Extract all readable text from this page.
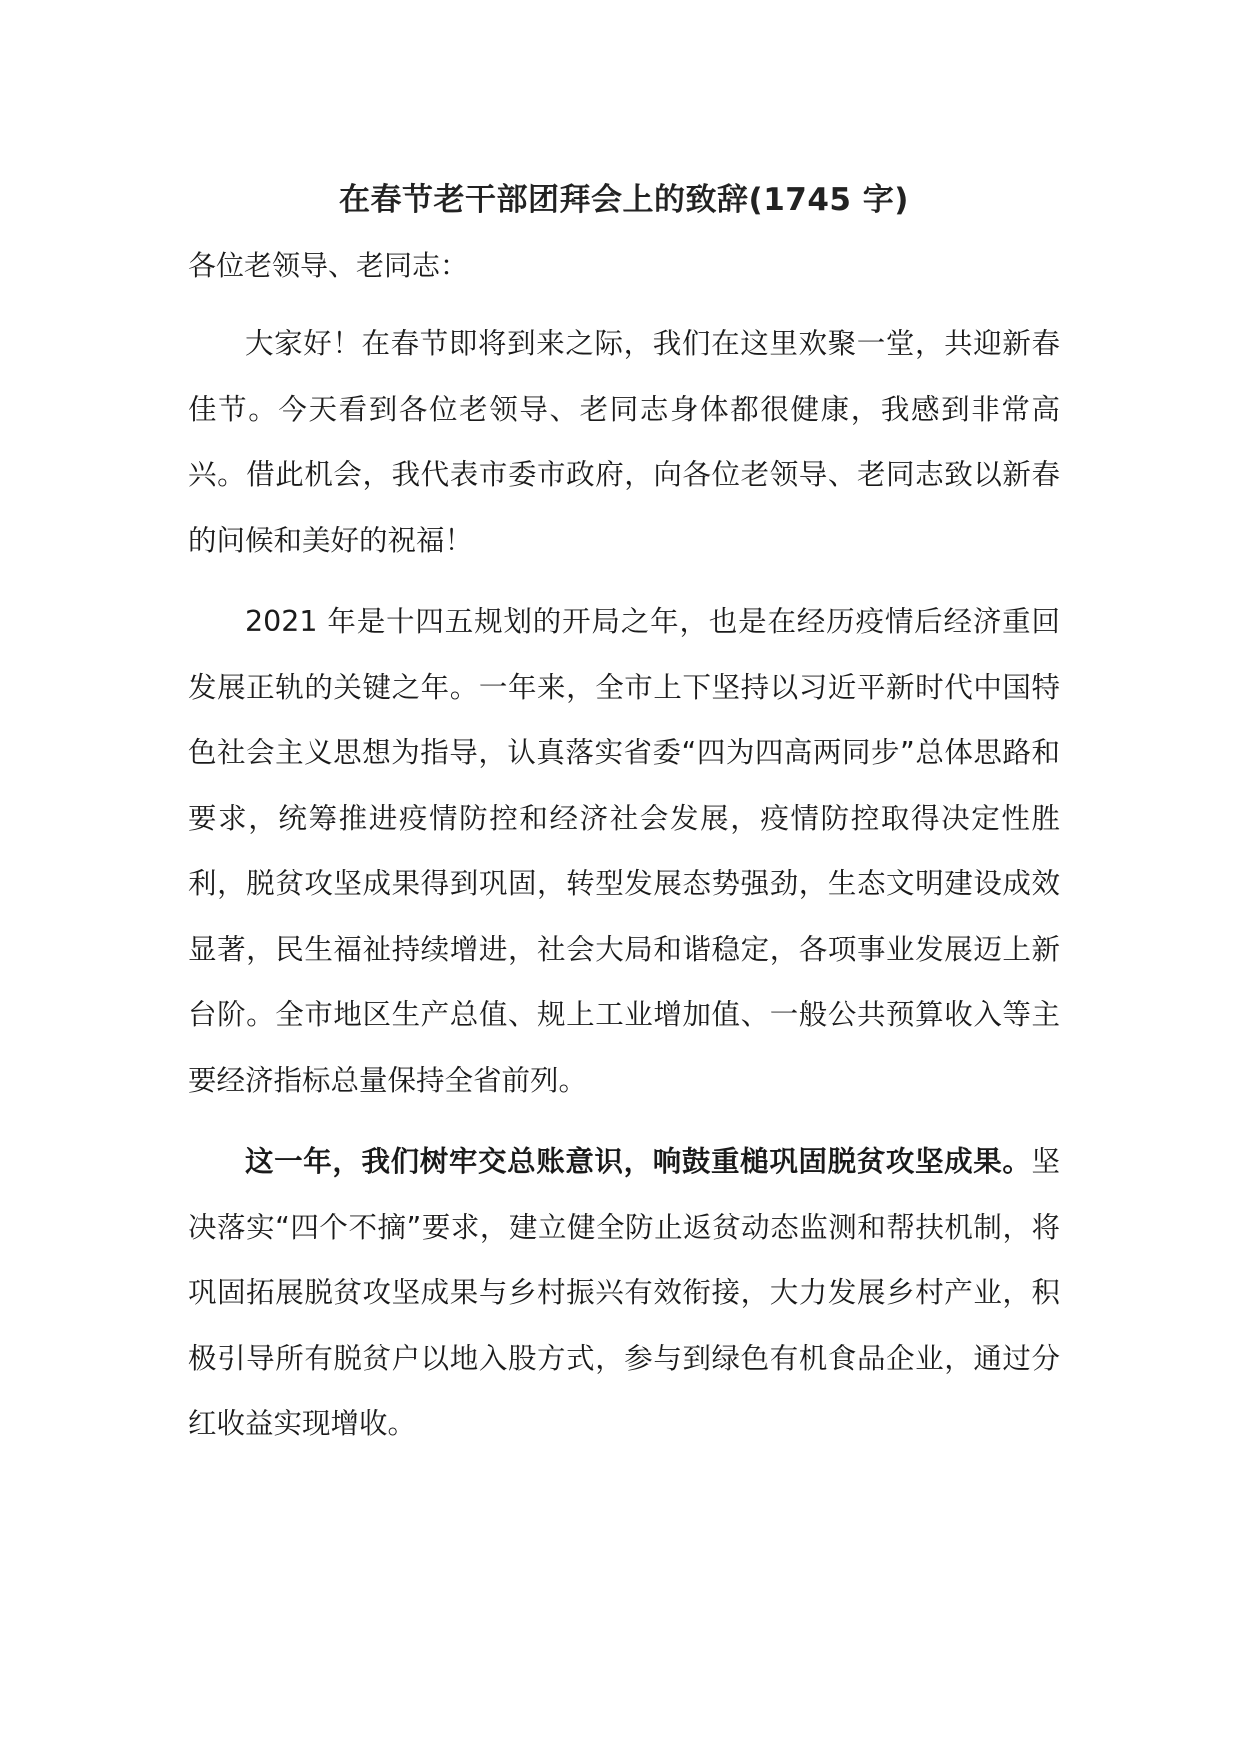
在春节老干部团拜会上的致辞(1745 字)

各位老领导、老同志：

大家好！在春节即将到来之际，我们在这里欢聚一堂，共迎新春佳节。今天看到各位老领导、老同志身体都很健康，我感到非常高兴。借此机会，我代表市委市政府，向各位老领导、老同志致以新春的问候和美好的祝福！

2021 年是十四五规划的开局之年，也是在经历疫情后经济重回发展正轨的关键之年。一年来，全市上下坚持以习近平新时代中国特色社会主义思想为指导，认真落实省委“四为四高两同步”总体思路和要求，统筹推进疫情防控和经济社会发展，疫情防控取得决定性胜利，脱贫攻坚成果得到巩固，转型发展态势强劲，生态文明建设成效显著，民生福祉持续增进，社会大局和谐稳定，各项事业发展迈上新台阶。全市地区生产总值、规上工业增加值、一般公共预算收入等主要经济指标总量保持全省前列。

这一年，我们树牢交总账意识，响鼓重槌巩固脱贫攻坚成果。坚决落实“四个不摘”要求，建立健全防止返贫动态监测和帮扶机制，将巩固拓展脱贫攻坚成果与乡村振兴有效衔接，大力发展乡村产业，积极引导所有脱贫户以地入股方式，参与到绿色有机食品企业，通过分红收益实现增收。
